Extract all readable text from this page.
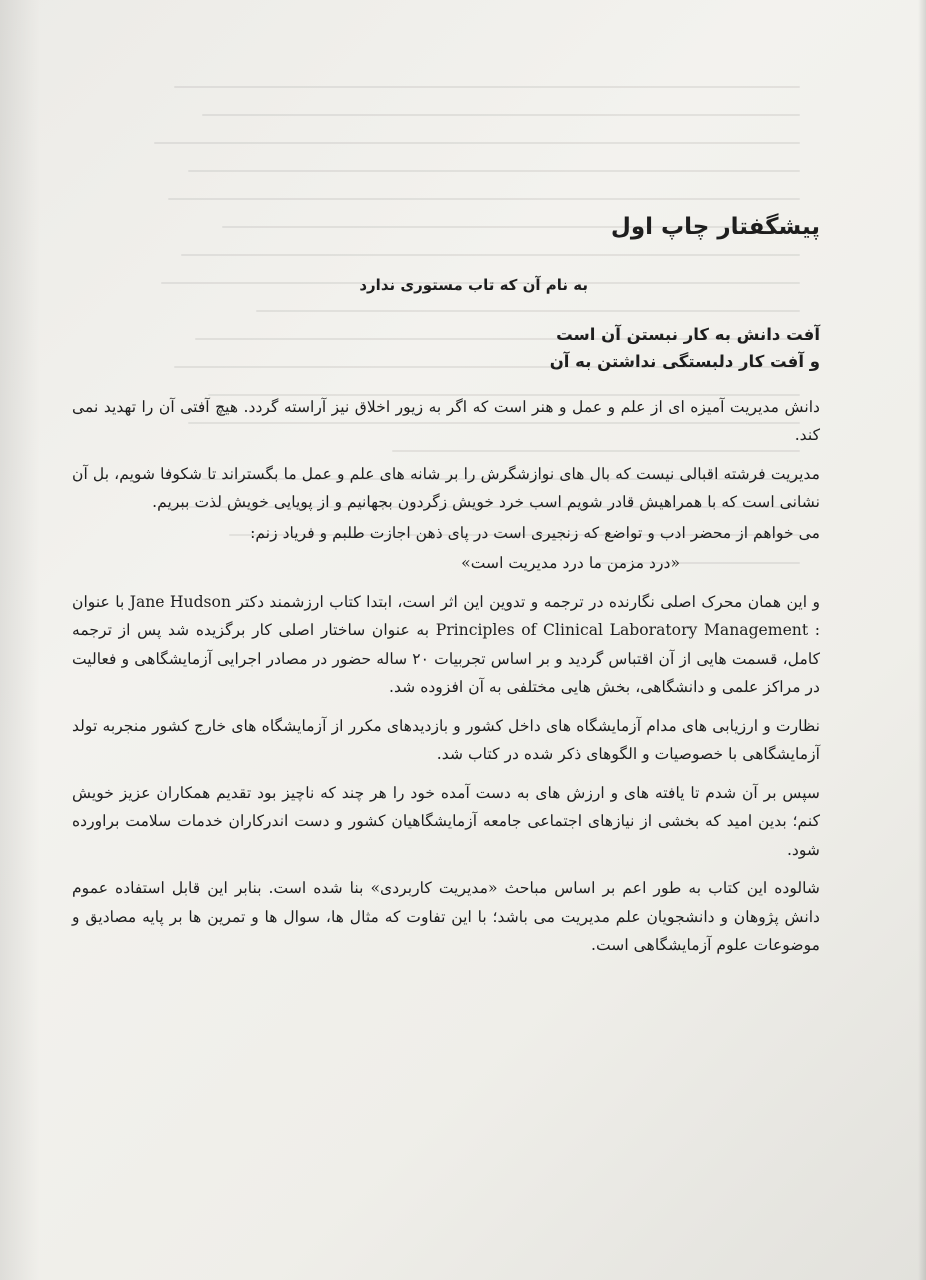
پیشگفتار چاپ اول
به نام آن که تاب مستوری ندارد
آفت دانش به کار نبستن آن است
و آفت کار دلبستگی نداشتن به آن

دانش مدیریت آمیزه ای از علم و عمل و هنر است که اگر به زیور اخلاق نیز آراسته گردد. هیچ آفتی آن را تهدید نمی کند.

مدیریت فرشته اقبالی نیست که بال های نوازشگرش را بر شانه های علم و عمل ما بگستراند تا شکوفا شویم، بل آن نشانی است که با همراهیش قادر شویم اسب خرد خویش زگردون بجهانیم و از پویایی خویش لذت ببریم.

می خواهم از محضر ادب و تواضع که زنجیری است در پای ذهن اجازت طلبم و فریاد زنم:

«درد مزمن ما درد مدیریت است»

و این همان محرک اصلی نگارنده در ترجمه و تدوین این اثر است، ابتدا کتاب ارزشمند دکتر Jane Hudson با عنوان : Principles of Clinical Laboratory Management به عنوان ساختار اصلی کار برگزیده شد پس از ترجمه کامل، قسمت هایی از آن اقتباس گردید و بر اساس تجربیات ۲۰ ساله حضور در مصادر اجرایی آزمایشگاهی و فعالیت در مراکز علمی و دانشگاهی، بخش هایی مختلفی به آن افزوده شد.

نظارت و ارزیابی های مدام آزمایشگاه های داخل کشور و بازدیدهای مکرر از آزمایشگاه های خارج کشور منجربه تولد آزمایشگاهی با خصوصیات و الگوهای ذکر شده در کتاب شد.

سپس بر آن شدم تا یافته های و ارزش های به دست آمده خود را هر چند که ناچیز بود تقدیم همکاران عزیز خویش کنم؛ بدین امید که بخشی از نیازهای اجتماعی جامعه آزمایشگاهیان کشور و دست اندرکاران خدمات سلامت براورده شود.

شالوده این کتاب به طور اعم بر اساس مباحث «مدیریت کاربردی» بنا شده است. بنابر این قابل استفاده عموم دانش پژوهان و دانشجویان علم مدیریت می باشد؛ با این تفاوت که مثال ها، سوال ها و تمرین ها بر پایه مصادیق و موضوعات علوم آزمایشگاهی است.
